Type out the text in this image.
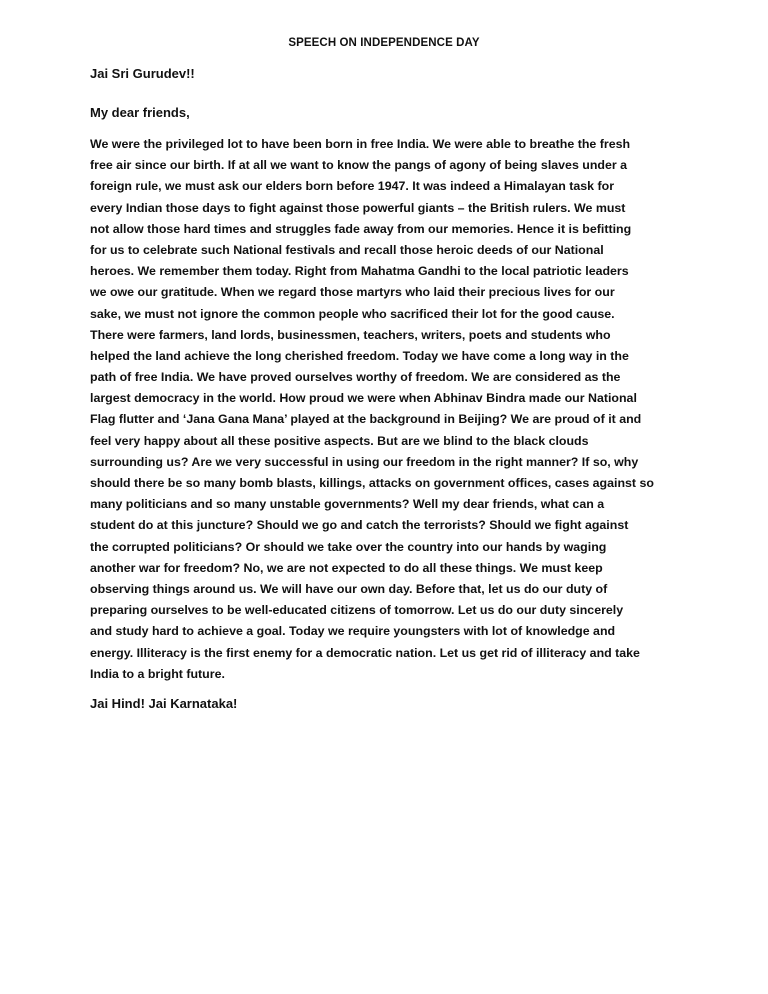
SPEECH ON INDEPENDENCE DAY
Jai Sri Gurudev!!
My dear friends,
We were the privileged lot to have been born in free India. We were able to breathe the fresh
free air since our birth. If at all we want to know the pangs of agony of being slaves under a
foreign rule, we must ask our elders born before 1947. It was indeed a Himalayan task for
every Indian those days to fight against those powerful giants – the British rulers. We must
not allow those hard times and struggles fade away from our memories. Hence it is befitting
for us to celebrate such National festivals and recall those heroic deeds of our National
heroes. We remember them today. Right from Mahatma Gandhi to the local patriotic leaders
we owe our gratitude. When we regard those martyrs who laid their precious lives for our
sake, we must not ignore the common people who sacrificed their lot for the good cause.
There were farmers, land lords, businessmen, teachers, writers, poets and students who
helped the land achieve the long cherished freedom. Today we have come a long way in the
path of free India. We have proved ourselves worthy of freedom. We are considered as the
largest democracy in the world. How proud we were when Abhinav Bindra made our National
Flag flutter and ‘Jana Gana Mana’ played at the background in Beijing? We are proud of it and
feel very happy about all these positive aspects. But are we blind to the black clouds
surrounding us? Are we very successful in using our freedom in the right manner? If so, why
should there be so many bomb blasts, killings, attacks on government offices, cases against so
many politicians and so many unstable governments? Well my dear friends, what can a
student do at this juncture? Should we go and catch the terrorists? Should we fight against
the corrupted politicians? Or should we take over the country into our hands by waging
another war for freedom? No, we are not expected to do all these things. We must keep
observing things around us. We will have our own day. Before that, let us do our duty of
preparing ourselves to be well-educated citizens of tomorrow. Let us do our duty sincerely
and study hard to achieve a goal. Today we require youngsters with lot of knowledge and
energy. Illiteracy is the first enemy for a democratic nation. Let us get rid of illiteracy and take
India to a bright future.
Jai Hind! Jai Karnataka!
